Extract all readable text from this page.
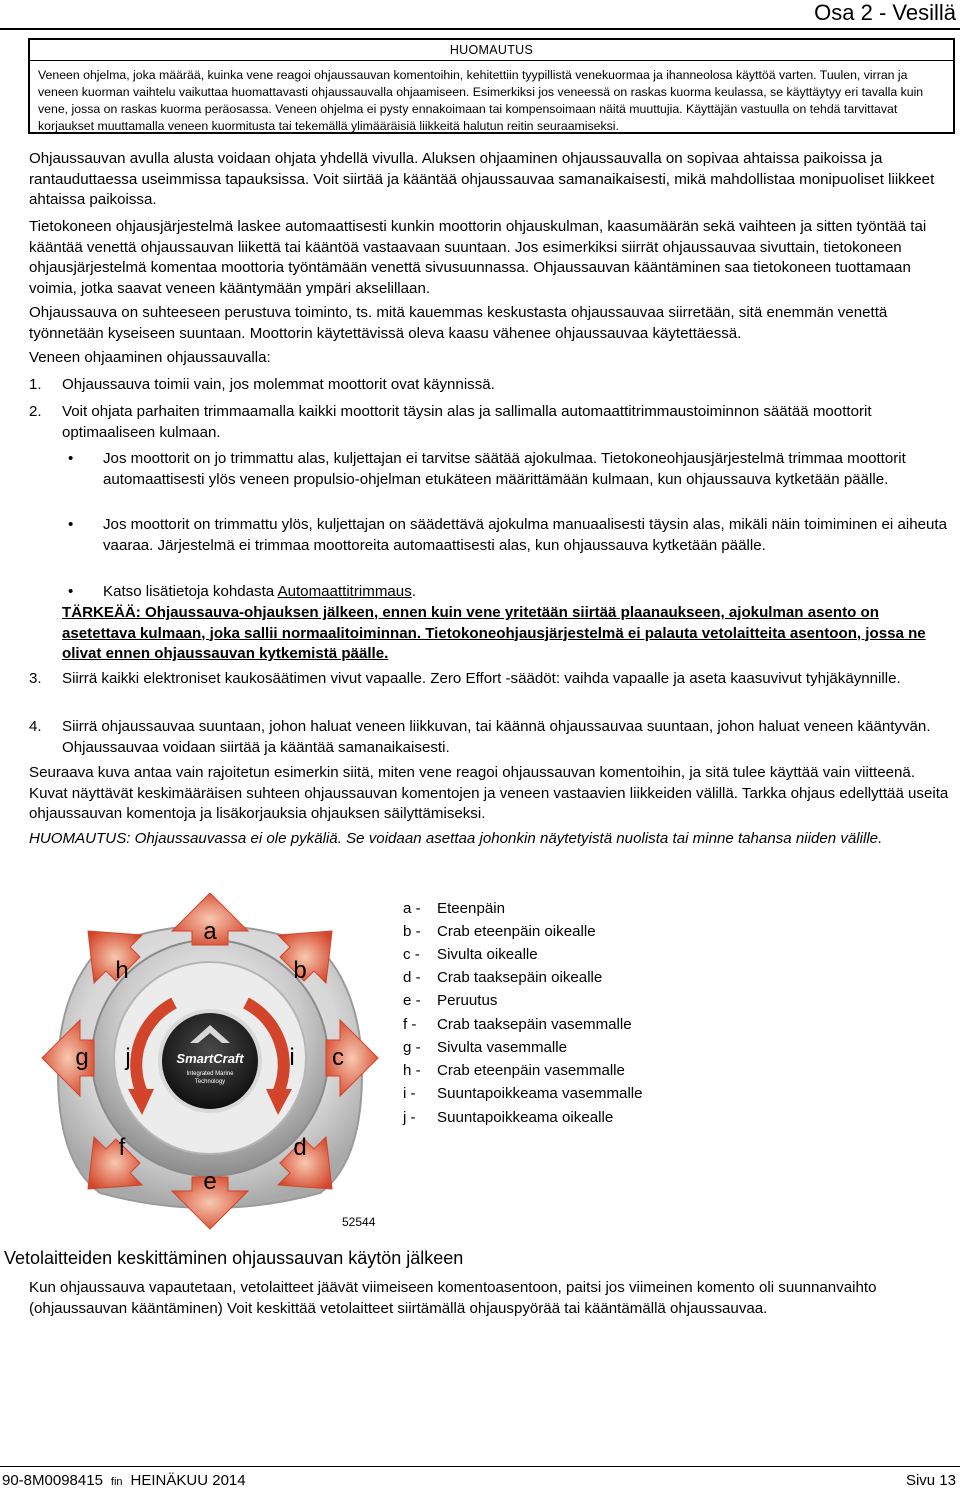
Osa 2 - Vesillä
HUOMAUTUS
Veneen ohjelma, joka määrää, kuinka vene reagoi ohjaussauvan komentoihin, kehitettiin tyypillistä venekuormaa ja ihanneolosa käyttöä varten. Tuulen, virran ja veneen kuorman vaihtelu vaikuttaa huomattavasti ohjaussauvalla ohjaamiseen. Esimerkiksi jos veneessä on raskas kuorma keulassa, se käyttäytyy eri tavalla kuin vene, jossa on raskas kuorma peräosassa. Veneen ohjelma ei pysty ennakoimaan tai kompensoimaan näitä muuttujia. Käyttäjän vastuulla on tehdä tarvittavat korjaukset muuttamalla veneen kuormitusta tai tekemällä ylimääräisiä liikkeitä halutun reitin seuraamiseksi.

Ohjaussauvan avulla alusta voidaan ohjata yhdellä vivulla. Aluksen ohjaaminen ohjaussauvalla on sopivaa ahtaissa paikoissa ja rantauduttaessa useimmissa tapauksissa. Voit siirtää ja kääntää ohjaussauvaa samanaikaisesti, mikä mahdollistaa monipuoliset liikkeet ahtaissa paikoissa.

Tietokoneen ohjausjärjestelmä laskee automaattisesti kunkin moottorin ohjauskulman, kaasumäärän sekä vaihteen ja sitten työntää tai kääntää venettä ohjaussauvan liikettä tai kääntöä vastaavaan suuntaan. Jos esimerkiksi siirrät ohjaussauvaa sivuttain, tietokoneen ohjausjärjestelmä komentaa moottoria työntämään venettä sivusuunnassa. Ohjaussauvan kääntäminen saa tietokoneen tuottamaan voimia, jotka saavat veneen kääntymään ympäri akselillaan.

Ohjaussauva on suhteeseen perustuva toiminto, ts. mitä kauemmas keskustasta ohjaussauvaa siirretään, sitä enemmän venettä työnnetään kyseiseen suuntaan. Moottorin käytettävissä oleva kaasu vähenee ohjaussauvaa käytettäessä.

Veneen ohjaaminen ohjaussauvalla:

1.	Ohjaussauva toimii vain, jos molemmat moottorit ovat käynnissä.
2.	Voit ohjata parhaiten trimmaamalla kaikki moottorit täysin alas ja sallimalla automaattitrimmaustoiminnon säätää moottorit optimaaliseen kulmaan.
•	Jos moottorit on jo trimmattu alas, kuljettajan ei tarvitse säätää ajokulmaa. Tietokoneohjausjärjestelmä trimmaa moottorit automaattisesti ylös veneen propulsio-ohjelman etukäteen määrittämään kulmaan, kun ohjaussauva kytketään päälle.
•	Jos moottorit on trimmattu ylös, kuljettajan on säädettävä ajokulma manuaalisesti täysin alas, mikäli näin toimiminen ei aiheuta vaaraa. Järjestelmä ei trimmaa moottoreita automaattisesti alas, kun ohjaussauva kytketään päälle.
•	Katso lisätietoja kohdasta Automaattitrimmaus.

TÄRKEÄÄ: Ohjaussauva-ohjauksen jälkeen, ennen kuin vene yritetään siirtää plaanaukseen, ajokulman asento on asetettava kulmaan, joka sallii normaalitoiminnan. Tietokoneohjausjärjestelmä ei palauta vetolaitteita asentoon, jossa ne olivat ennen ohjaussauvan kytkemistä päälle.

3.	Siirrä kaikki elektroniset kaukosäätimen vivut vapaalle. Zero Effort -säädöt: vaihda vapaalle ja aseta kaasuvivut tyhjäkäynnille.
4.	Siirrä ohjaussauvaa suuntaan, johon haluat veneen liikkuvan, tai käännä ohjaussauvaa suuntaan, johon haluat veneen kääntyvän. Ohjaussauvaa voidaan siirtää ja kääntää samanaikaisesti.

Seuraava kuva antaa vain rajoitetun esimerkin siitä, miten vene reagoi ohjaussauvan komentoihin, ja sitä tulee käyttää vain viitteenä. Kuvat näyttävät keskimääräisen suhteen ohjaussauvan komentojen ja veneen vastaavien liikkeiden välillä. Tarkka ohjaus edellyttää useita ohjaussauvan komentoja ja lisäkorjauksia ohjauksen säilyttämiseksi.

HUOMAUTUS: Ohjaussauvassa ei ole pykäliä. Se voidaan asettaa johonkin näytetyistä nuolista tai minne tahansa niiden välille.

SmartCraft
Integrated Marine
Technology
a
b
c
d
e
f
g
h
i
j
52544
a -	Eteenpäin
b -	Crab eteenpäin oikealle
c -	Sivulta oikealle
d -	Crab taaksepäin oikealle
e -	Peruutus
f -	Crab taaksepäin vasemmalle
g -	Sivulta vasemmalle
h -	Crab eteenpäin vasemmalle
i -	Suuntapoikkeama vasemmalle
j -	Suuntapoikkeama oikealle
Vetolaitteiden keskittäminen ohjaussauvan käytön jälkeen

Kun ohjaussauva vapautetaan, vetolaitteet jäävät viimeiseen komentoasentoon, paitsi jos viimeinen komento oli suunnanvaihto (ohjaussauvan kääntäminen) Voit keskittää vetolaitteet siirtämällä ohjauspyörää tai kääntämällä ohjaussauvaa.

90-8M0098415 fin HEINÄKUU 2014	Sivu 13
